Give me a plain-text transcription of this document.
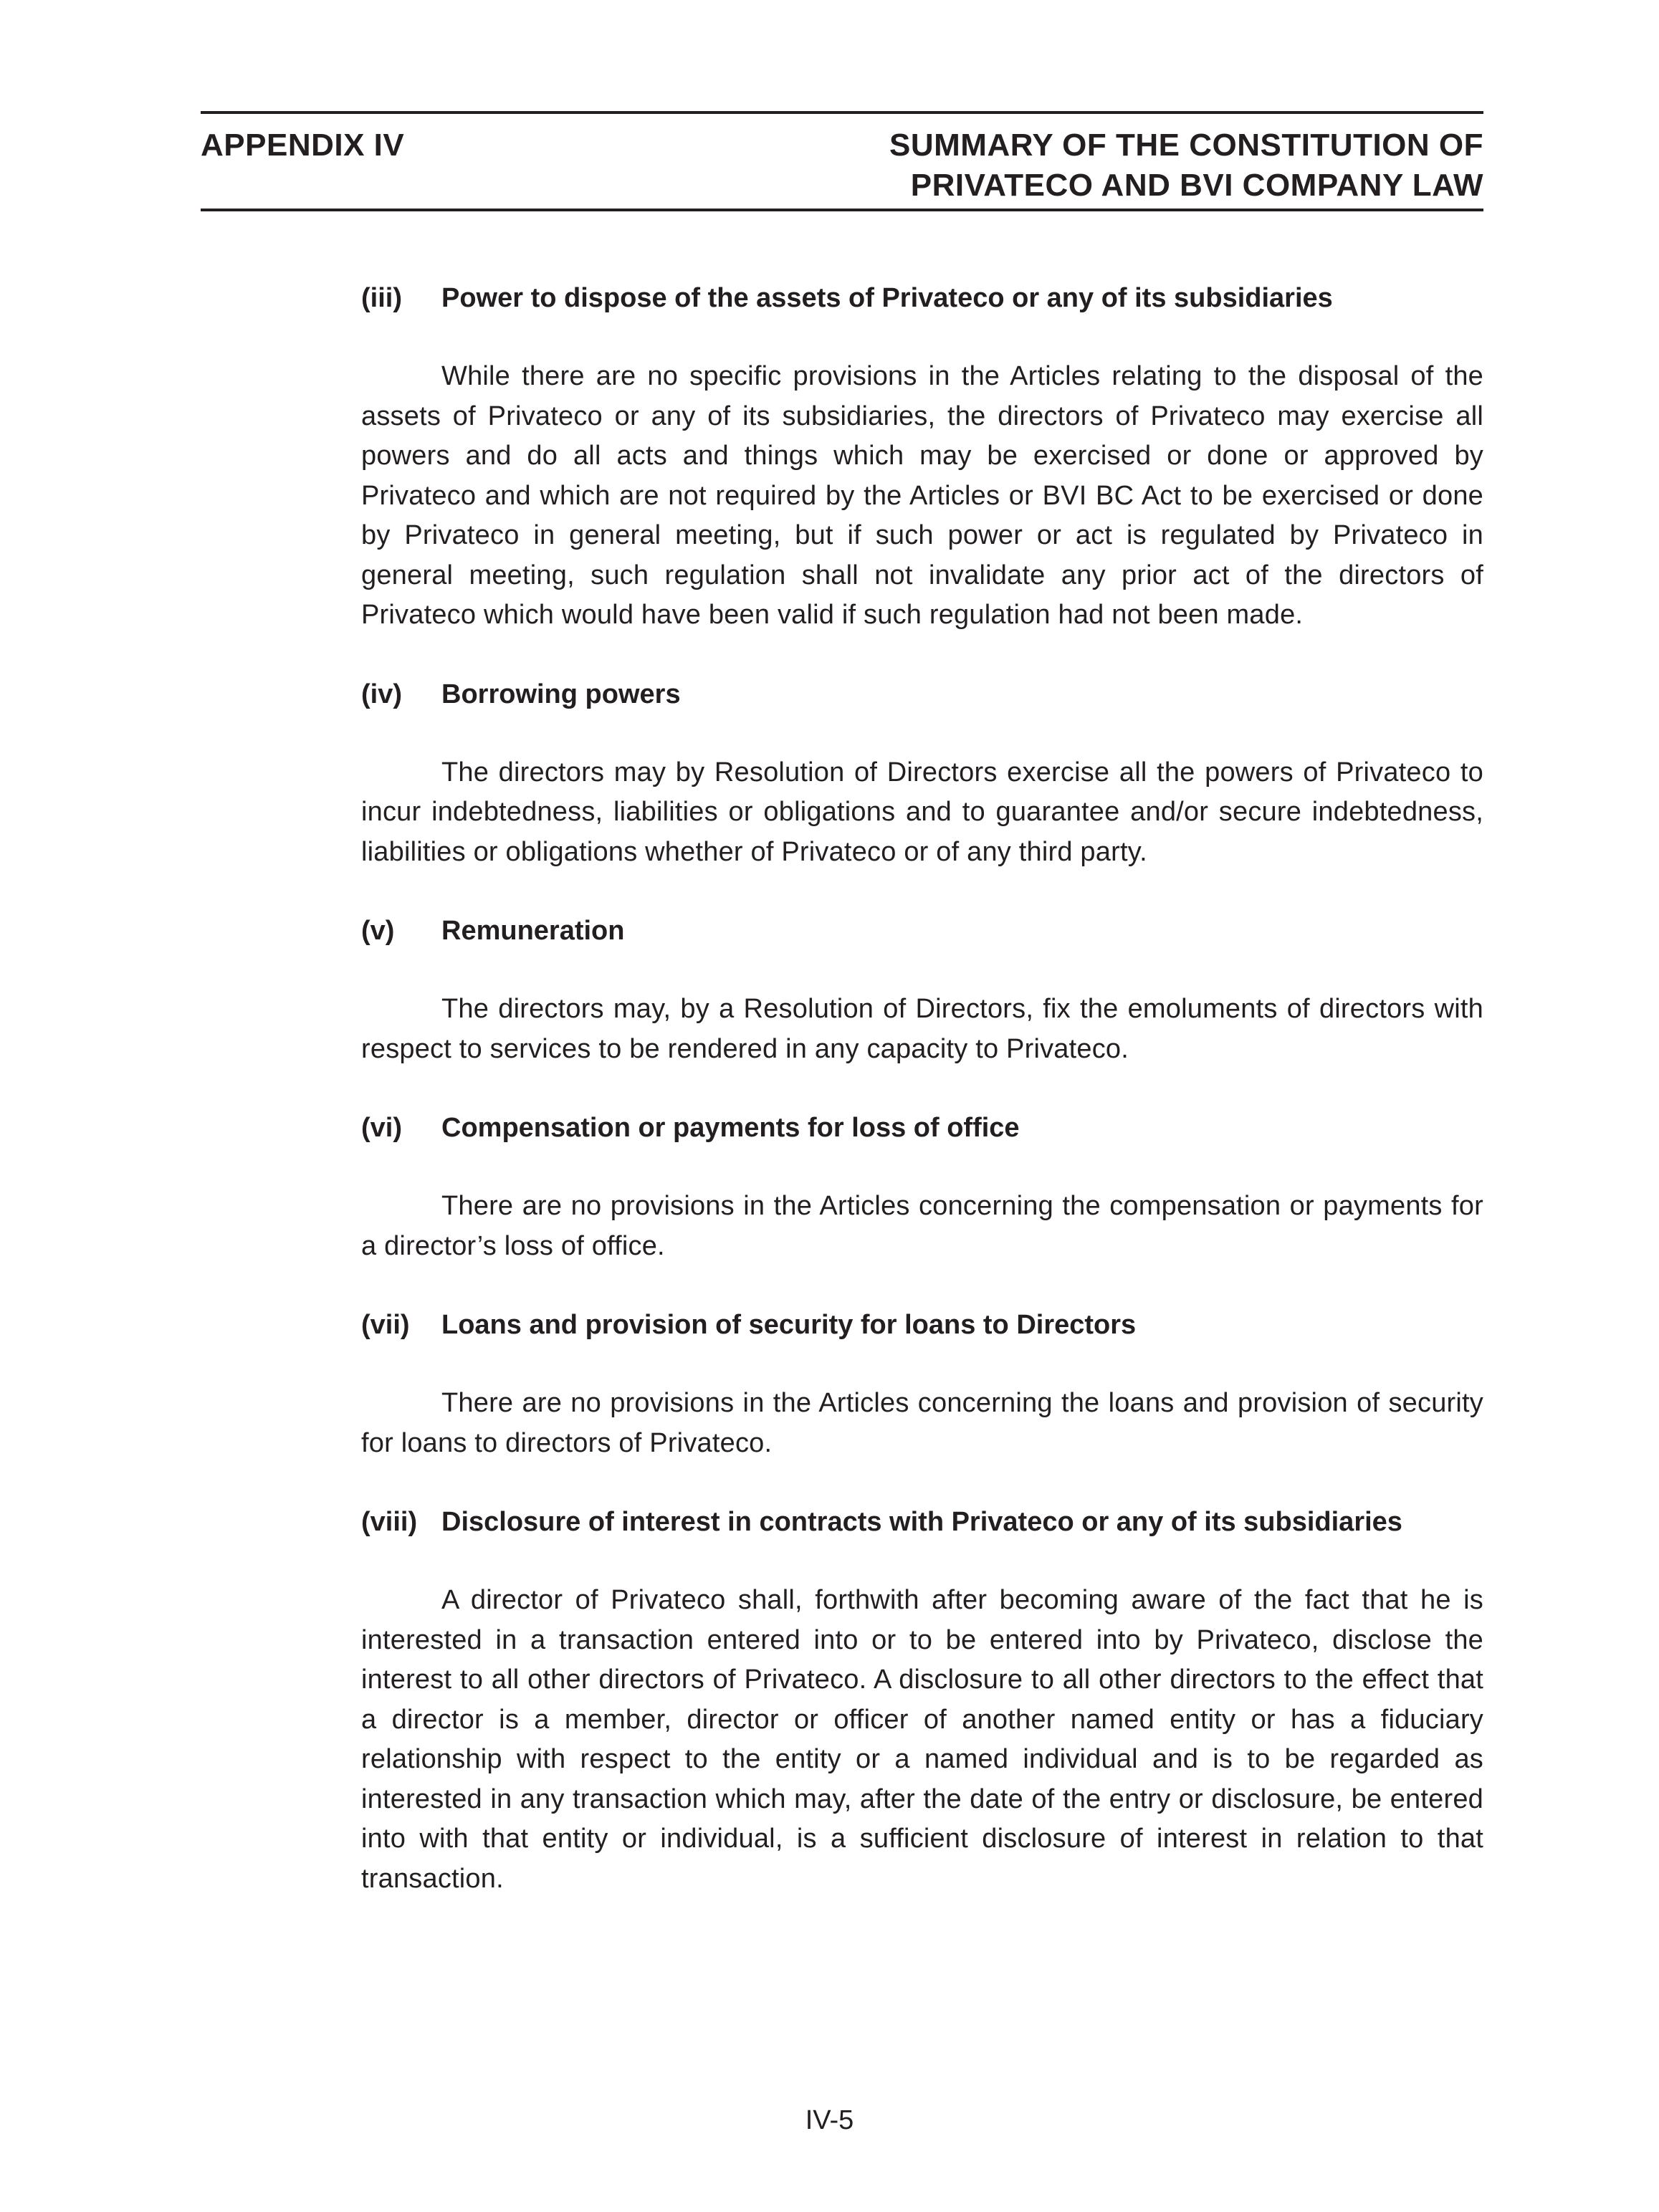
APPENDIX IV	SUMMARY OF THE CONSTITUTION OF
PRIVATECO AND BVI COMPANY LAW
(iii)	Power to dispose of the assets of Privateco or any of its subsidiaries
While there are no specific provisions in the Articles relating to the disposal of the assets of Privateco or any of its subsidiaries, the directors of Privateco may exercise all powers and do all acts and things which may be exercised or done or approved by Privateco and which are not required by the Articles or BVI BC Act to be exercised or done by Privateco in general meeting, but if such power or act is regulated by Privateco in general meeting, such regulation shall not invalidate any prior act of the directors of Privateco which would have been valid if such regulation had not been made.
(iv)	Borrowing powers
The directors may by Resolution of Directors exercise all the powers of Privateco to incur indebtedness, liabilities or obligations and to guarantee and/or secure indebtedness, liabilities or obligations whether of Privateco or of any third party.
(v)	Remuneration
The directors may, by a Resolution of Directors, fix the emoluments of directors with respect to services to be rendered in any capacity to Privateco.
(vi)	Compensation or payments for loss of office
There are no provisions in the Articles concerning the compensation or payments for a director’s loss of office.
(vii)	Loans and provision of security for loans to Directors
There are no provisions in the Articles concerning the loans and provision of security for loans to directors of Privateco.
(viii) Disclosure of interest in contracts with Privateco or any of its subsidiaries
A director of Privateco shall, forthwith after becoming aware of the fact that he is interested in a transaction entered into or to be entered into by Privateco, disclose the interest to all other directors of Privateco. A disclosure to all other directors to the effect that a director is a member, director or officer of another named entity or has a fiduciary relationship with respect to the entity or a named individual and is to be regarded as interested in any transaction which may, after the date of the entry or disclosure, be entered into with that entity or individual, is a sufficient disclosure of interest in relation to that transaction.
IV-5
